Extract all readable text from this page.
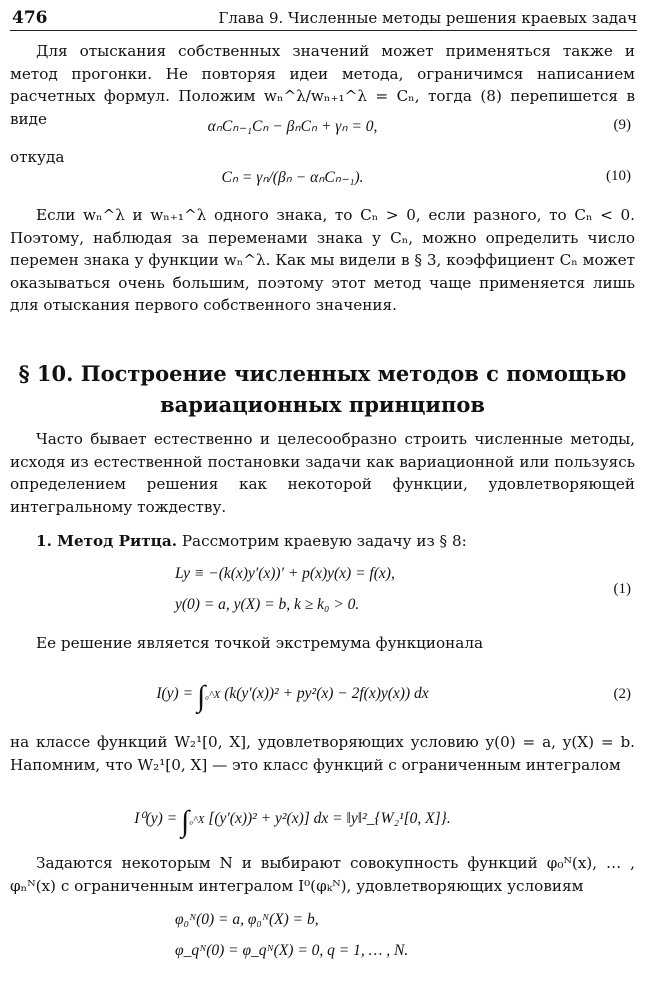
476	Глава 9. Численные методы решения краевых задач
Для отыскания собственных значений может применяться также и метод прогонки. Не повторяя идеи метода, ограничимся написанием расчетных формул. Положим wₙ^λ/wₙ₊₁^λ = Cₙ, тогда (8) перепишется в виде	αₙCₙ₋₁Cₙ − βₙCₙ + γₙ = 0,	(9)
откуда
Cₙ = γₙ/(βₙ − αₙCₙ₋₁).	(10)
Если wₙ^λ и wₙ₊₁^λ одного знака, то Cₙ > 0, если разного, то Cₙ < 0. Поэтому, наблюдая за переменами знака у Cₙ, можно определить число перемен знака у функции wₙ^λ. Как мы видели в § 3, коэффициент Cₙ может оказываться очень большим, поэтому этот метод чаще применяется лишь для отыскания первого собственного значения.
§ 10. Построение численных методов с помощью
вариационных принципов
Часто бывает естественно и целесообразно строить численные методы, исходя из естественной постановки задачи как вариационной или пользуясь определением решения как некоторой функции, удовлетворяющей интегральному тождеству.
1. Метод Ритца. Рассмотрим краевую задачу из § 8:
Ly ≡ −(k(x)y′(x))′ + p(x)y(x) = f(x),
y(0) = a, y(X) = b, k ≥ k₀ > 0.
(1)
Ее решение является точкой экстремума функционала
I(y) = ∫₀^X (k(y′(x))² + py²(x) − 2f(x)y(x)) dx	(2)
на классе функций W₂¹[0, X], удовлетворяющих условию y(0) = a, y(X) = b. Напомним, что W₂¹[0, X] — это класс функций с ограниченным интегралом
I⁰(y) = ∫₀^X [(y′(x))² + y²(x)] dx = ‖y‖²_{W₂¹[0, X]}.
Задаются некоторым N и выбирают совокупность функций φ₀ᴺ(x), … , φₙᴺ(x) с ограниченным интегралом I⁰(φₖᴺ), удовлетворяющих условиям
φ₀ᴺ(0) = a, φ₀ᴺ(X) = b,
φ_qᴺ(0) = φ_qᴺ(X) = 0, q = 1, … , N.
